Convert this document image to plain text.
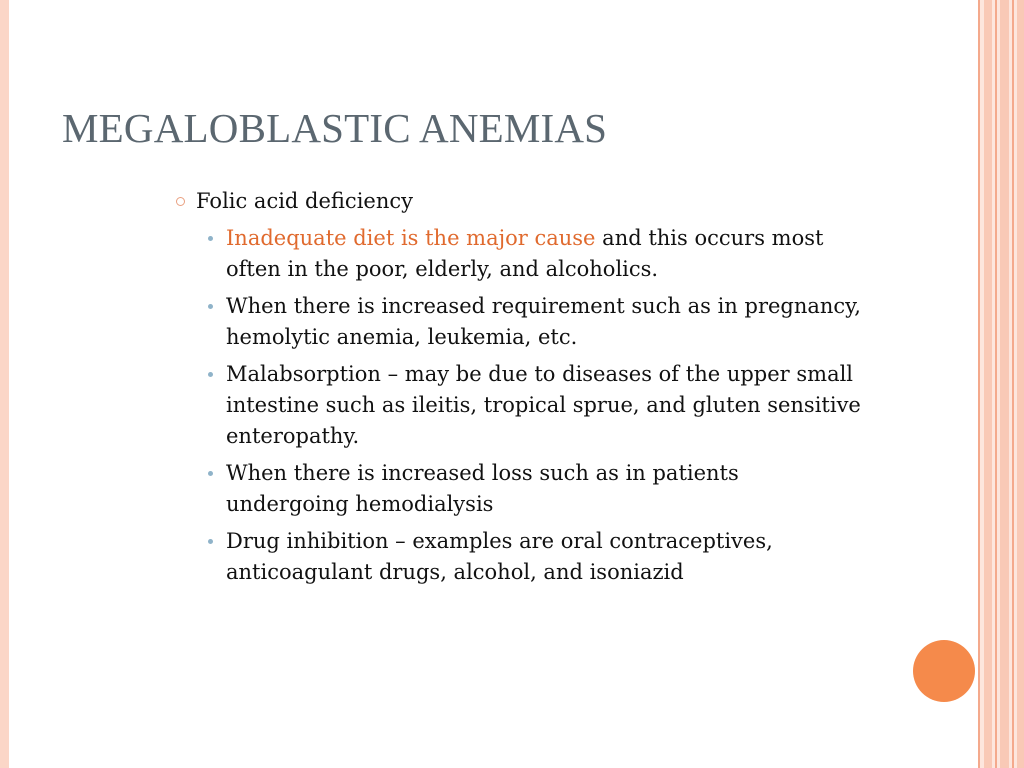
MEGALOBLASTIC ANEMIAS
Folic acid deficiency
Inadequate diet is the major cause and this occurs most often in the poor, elderly, and alcoholics.
When there is increased requirement such as in pregnancy, hemolytic anemia, leukemia, etc.
Malabsorption – may be due to diseases of the upper small intestine such as ileitis, tropical sprue, and gluten sensitive enteropathy.
When there is increased loss such as in patients undergoing hemodialysis
Drug inhibition – examples are oral contraceptives, anticoagulant drugs, alcohol, and isoniazid
